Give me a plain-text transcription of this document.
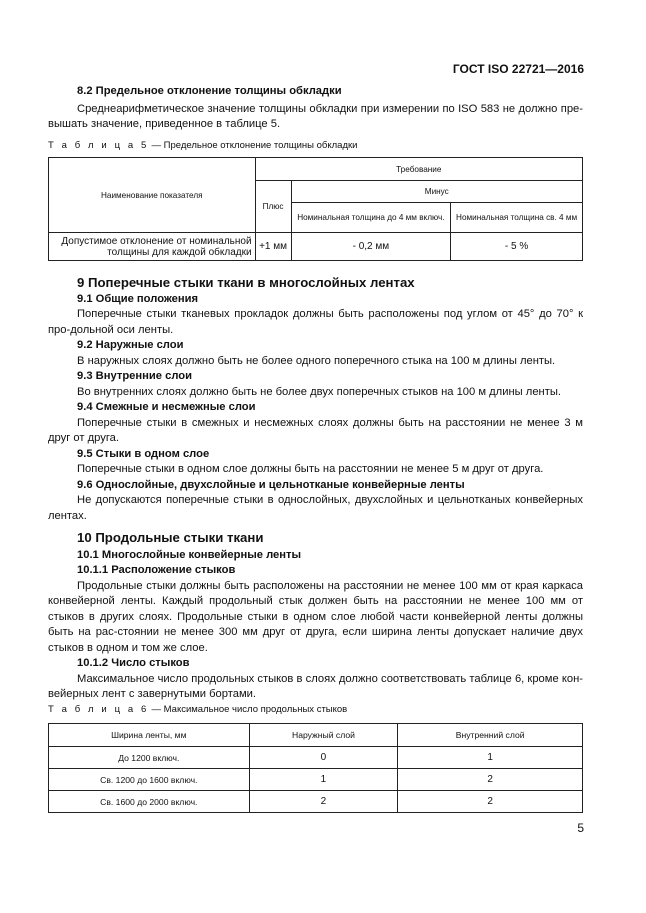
ГОСТ ISO 22721—2016
8.2 Предельное отклонение толщины обкладки
Среднеарифметическое значение толщины обкладки при измерении по ISO 583 не должно пре-вышать значение, приведенное в таблице 5.
Т а б л и ц а 5 — Предельное отклонение толщины обкладки
Наименование показателя	Требование		
	Плюс	Минус	
		Номинальная толщина до 4 мм включ.	Номинальная толщина св. 4 мм
Допустимое отклонение от номинальной толщины для каждой обкладки	+1 мм	- 0,2 мм	- 5 %
9 Поперечные стыки ткани в многослойных лентах
9.1 Общие положения
Поперечные стыки тканевых прокладок должны быть расположены под углом от 45° до 70° к про-дольной оси ленты.
9.2 Наружные слои
В наружных слоях должно быть не более одного поперечного стыка на 100 м длины ленты.
9.3 Внутренние слои
Во внутренних слоях должно быть не более двух поперечных стыков на 100 м длины ленты.
9.4 Смежные и несмежные слои
Поперечные стыки в смежных и несмежных слоях должны быть на расстоянии не менее 3 м друг от друга.
9.5 Стыки в одном слое
Поперечные стыки в одном слое должны быть на расстоянии не менее 5 м друг от друга.
9.6 Однослойные, двухслойные и цельнотканые конвейерные ленты
Не допускаются поперечные стыки в однослойных, двухслойных и цельнотканых конвейерных лентах.
10 Продольные стыки ткани
10.1 Многослойные конвейерные ленты
10.1.1 Расположение стыков
Продольные стыки должны быть расположены на расстоянии не менее 100 мм от края каркаса конвейерной ленты. Каждый продольный стык должен быть на расстоянии не менее 100 мм от стыков в других слоях. Продольные стыки в одном слое любой части конвейерной ленты должны быть на рас-стоянии не менее 300 мм друг от друга, если ширина ленты допускает наличие двух стыков в одном и том же слое.
10.1.2 Число стыков
Максимальное число продольных стыков в слоях должно соответствовать таблице 6, кроме кон-вейерных лент с завернутыми бортами.
Т а б л и ц а 6 — Максимальное число продольных стыков
Ширина ленты, мм	Наружный слой	Внутренний слой
До 1200 включ.	0	1
Св. 1200 до 1600 включ.	1	2
Св. 1600 до 2000 включ.	2	2
5
